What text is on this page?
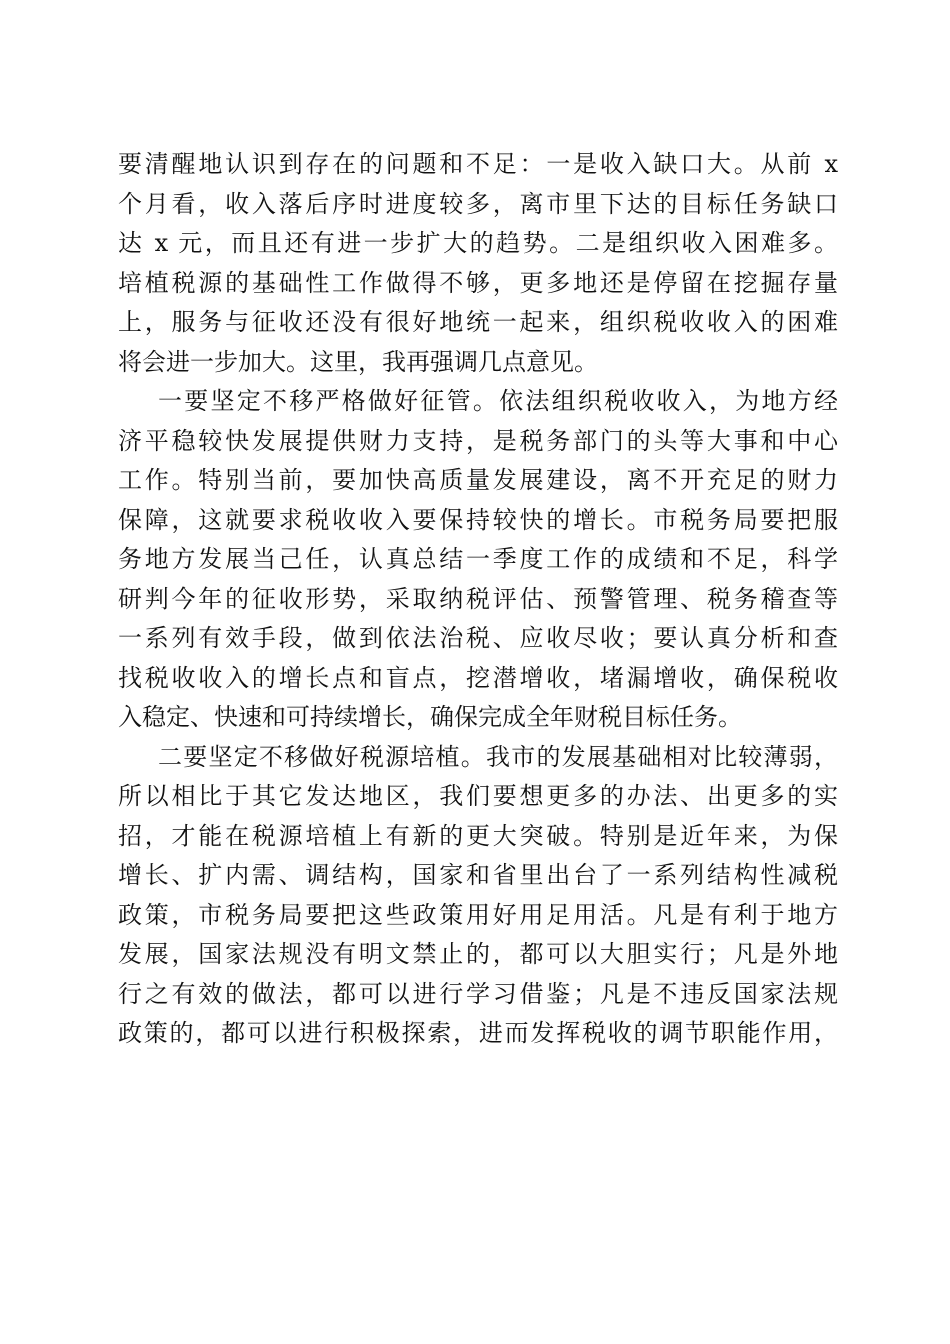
要清醒地认识到存在的问题和不足：一是收入缺口大。从前 x
个月看，收入落后序时进度较多，离市里下达的目标任务缺口
达 x 元，而且还有进一步扩大的趋势。二是组织收入困难多。
培植税源的基础性工作做得不够，更多地还是停留在挖掘存量
上，服务与征收还没有很好地统一起来，组织税收收入的困难
将会进一步加大。这里，我再强调几点意见。
一要坚定不移严格做好征管。依法组织税收收入，为地方经
济平稳较快发展提供财力支持，是税务部门的头等大事和中心
工作。特别当前，要加快高质量发展建设，离不开充足的财力
保障，这就要求税收收入要保持较快的增长。市税务局要把服
务地方发展当己任，认真总结一季度工作的成绩和不足，科学
研判今年的征收形势，采取纳税评估、预警管理、税务稽查等
一系列有效手段，做到依法治税、应收尽收；要认真分析和查
找税收收入的增长点和盲点，挖潜增收，堵漏增收，确保税收
入稳定、快速和可持续增长，确保完成全年财税目标任务。
二要坚定不移做好税源培植。我市的发展基础相对比较薄弱，
所以相比于其它发达地区，我们要想更多的办法、出更多的实
招，才能在税源培植上有新的更大突破。特别是近年来，为保
增长、扩内需、调结构，国家和省里出台了一系列结构性减税
政策，市税务局要把这些政策用好用足用活。凡是有利于地方
发展，国家法规没有明文禁止的，都可以大胆实行；凡是外地
行之有效的做法，都可以进行学习借鉴；凡是不违反国家法规
政策的，都可以进行积极探索，进而发挥税收的调节职能作用，
